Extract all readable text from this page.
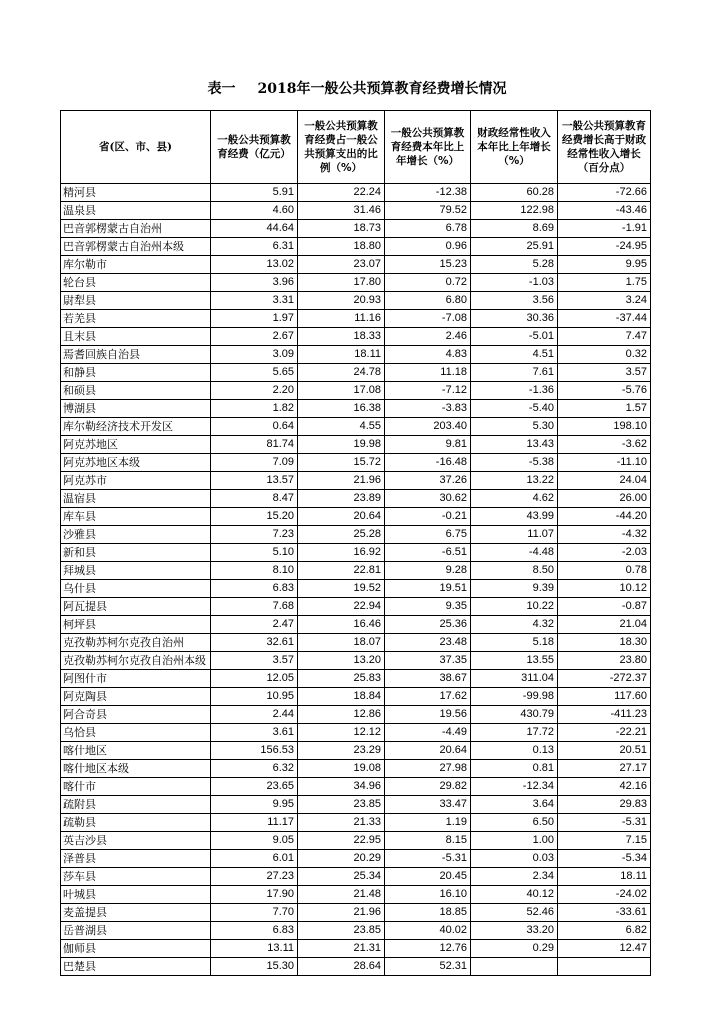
表一 2018年一般公共预算教育经费增长情况
省(区、市、县)	一般公共预算教育经费（亿元）	一般公共预算教育经费占一般公共预算支出的比例（%）	一般公共预算教育经费本年比上年增长（%）	财政经常性收入本年比上年增长（%）	一般公共预算教育经费增长高于财政经常性收入增长（百分点）
精河县	5.91	22.24	-12.38	60.28	-72.66
温泉县	4.60	31.46	79.52	122.98	-43.46
巴音郭楞蒙古自治州	44.64	18.73	6.78	8.69	-1.91
巴音郭楞蒙古自治州本级	6.31	18.80	0.96	25.91	-24.95
库尔勒市	13.02	23.07	15.23	5.28	9.95
轮台县	3.96	17.80	0.72	-1.03	1.75
尉犁县	3.31	20.93	6.80	3.56	3.24
若羌县	1.97	11.16	-7.08	30.36	-37.44
且末县	2.67	18.33	2.46	-5.01	7.47
焉耆回族自治县	3.09	18.11	4.83	4.51	0.32
和静县	5.65	24.78	11.18	7.61	3.57
和硕县	2.20	17.08	-7.12	-1.36	-5.76
博湖县	1.82	16.38	-3.83	-5.40	1.57
库尔勒经济技术开发区	0.64	4.55	203.40	5.30	198.10
阿克苏地区	81.74	19.98	9.81	13.43	-3.62
阿克苏地区本级	7.09	15.72	-16.48	-5.38	-11.10
阿克苏市	13.57	21.96	37.26	13.22	24.04
温宿县	8.47	23.89	30.62	4.62	26.00
库车县	15.20	20.64	-0.21	43.99	-44.20
沙雅县	7.23	25.28	6.75	11.07	-4.32
新和县	5.10	16.92	-6.51	-4.48	-2.03
拜城县	8.10	22.81	9.28	8.50	0.78
乌什县	6.83	19.52	19.51	9.39	10.12
阿瓦提县	7.68	22.94	9.35	10.22	-0.87
柯坪县	2.47	16.46	25.36	4.32	21.04
克孜勒苏柯尔克孜自治州	32.61	18.07	23.48	5.18	18.30
克孜勒苏柯尔克孜自治州本级	3.57	13.20	37.35	13.55	23.80
阿图什市	12.05	25.83	38.67	311.04	-272.37
阿克陶县	10.95	18.84	17.62	-99.98	117.60
阿合奇县	2.44	12.86	19.56	430.79	-411.23
乌恰县	3.61	12.12	-4.49	17.72	-22.21
喀什地区	156.53	23.29	20.64	0.13	20.51
喀什地区本级	6.32	19.08	27.98	0.81	27.17
喀什市	23.65	34.96	29.82	-12.34	42.16
疏附县	9.95	23.85	33.47	3.64	29.83
疏勒县	11.17	21.33	1.19	6.50	-5.31
英吉沙县	9.05	22.95	8.15	1.00	7.15
泽普县	6.01	20.29	-5.31	0.03	-5.34
莎车县	27.23	25.34	20.45	2.34	18.11
叶城县	17.90	21.48	16.10	40.12	-24.02
麦盖提县	7.70	21.96	18.85	52.46	-33.61
岳普湖县	6.83	23.85	40.02	33.20	6.82
伽师县	13.11	21.31	12.76	0.29	12.47
巴楚县	15.30	28.64	52.31		
